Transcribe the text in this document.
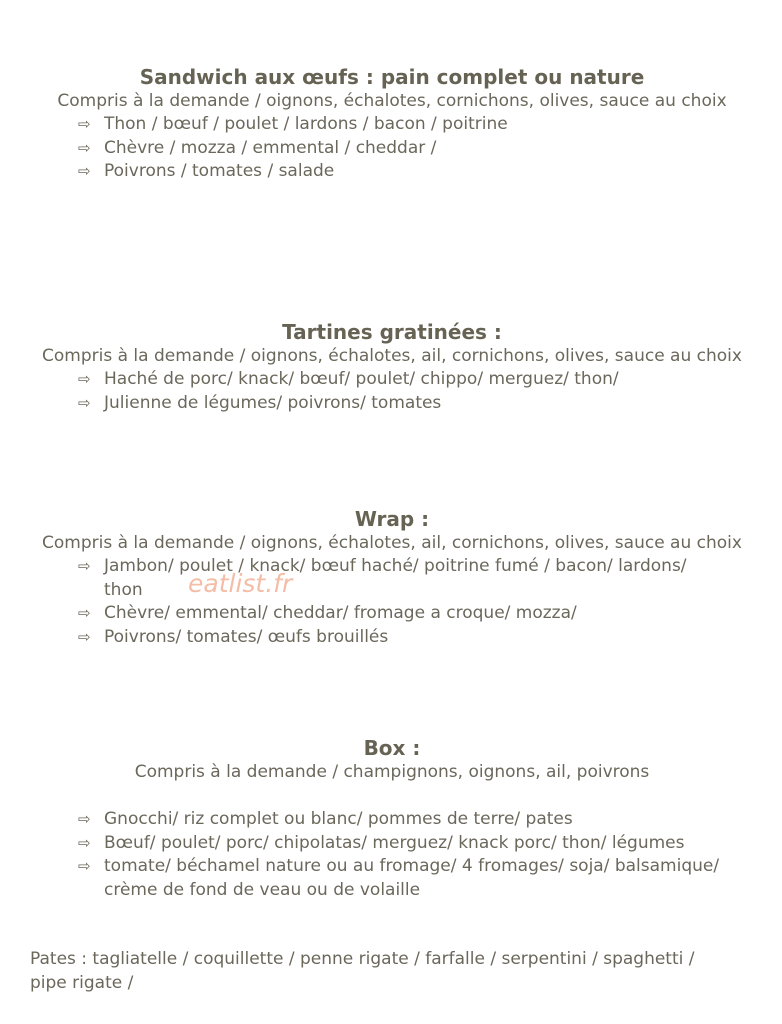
Sandwich aux œufs : pain complet ou nature
Compris à la demande / oignons, échalotes, cornichons, olives, sauce au choix
⇨ Thon / bœuf / poulet / lardons / bacon / poitrine
⇨ Chèvre / mozza / emmental / cheddar /
⇨ Poivrons / tomates / salade
Tartines gratinées :
Compris à la demande / oignons, échalotes, ail, cornichons, olives, sauce au choix
⇨ Haché de porc/ knack/ bœuf/ poulet/ chippo/ merguez/ thon/
⇨ Julienne de légumes/ poivrons/ tomates
Wrap :
Compris à la demande / oignons, échalotes, ail, cornichons, olives, sauce au choix
⇨ Jambon/ poulet / knack/ bœuf haché/ poitrine fumé / bacon/ lardons/ thon
⇨ Chèvre/ emmental/ cheddar/ fromage a croque/ mozza/
⇨ Poivrons/ tomates/ œufs brouillés
Box :
Compris à la demande / champignons, oignons, ail, poivrons
⇨ Gnocchi/ riz complet ou blanc/ pommes de terre/ pates
⇨ Bœuf/ poulet/ porc/ chipolatas/ merguez/ knack porc/ thon/ légumes
⇨ tomate/ béchamel nature ou au fromage/ 4 fromages/ soja/ balsamique/ crème de fond de veau ou de volaille
Pates : tagliatelle / coquillette / penne rigate / farfalle / serpentini / spaghetti / pipe rigate /
eatlist.fr
